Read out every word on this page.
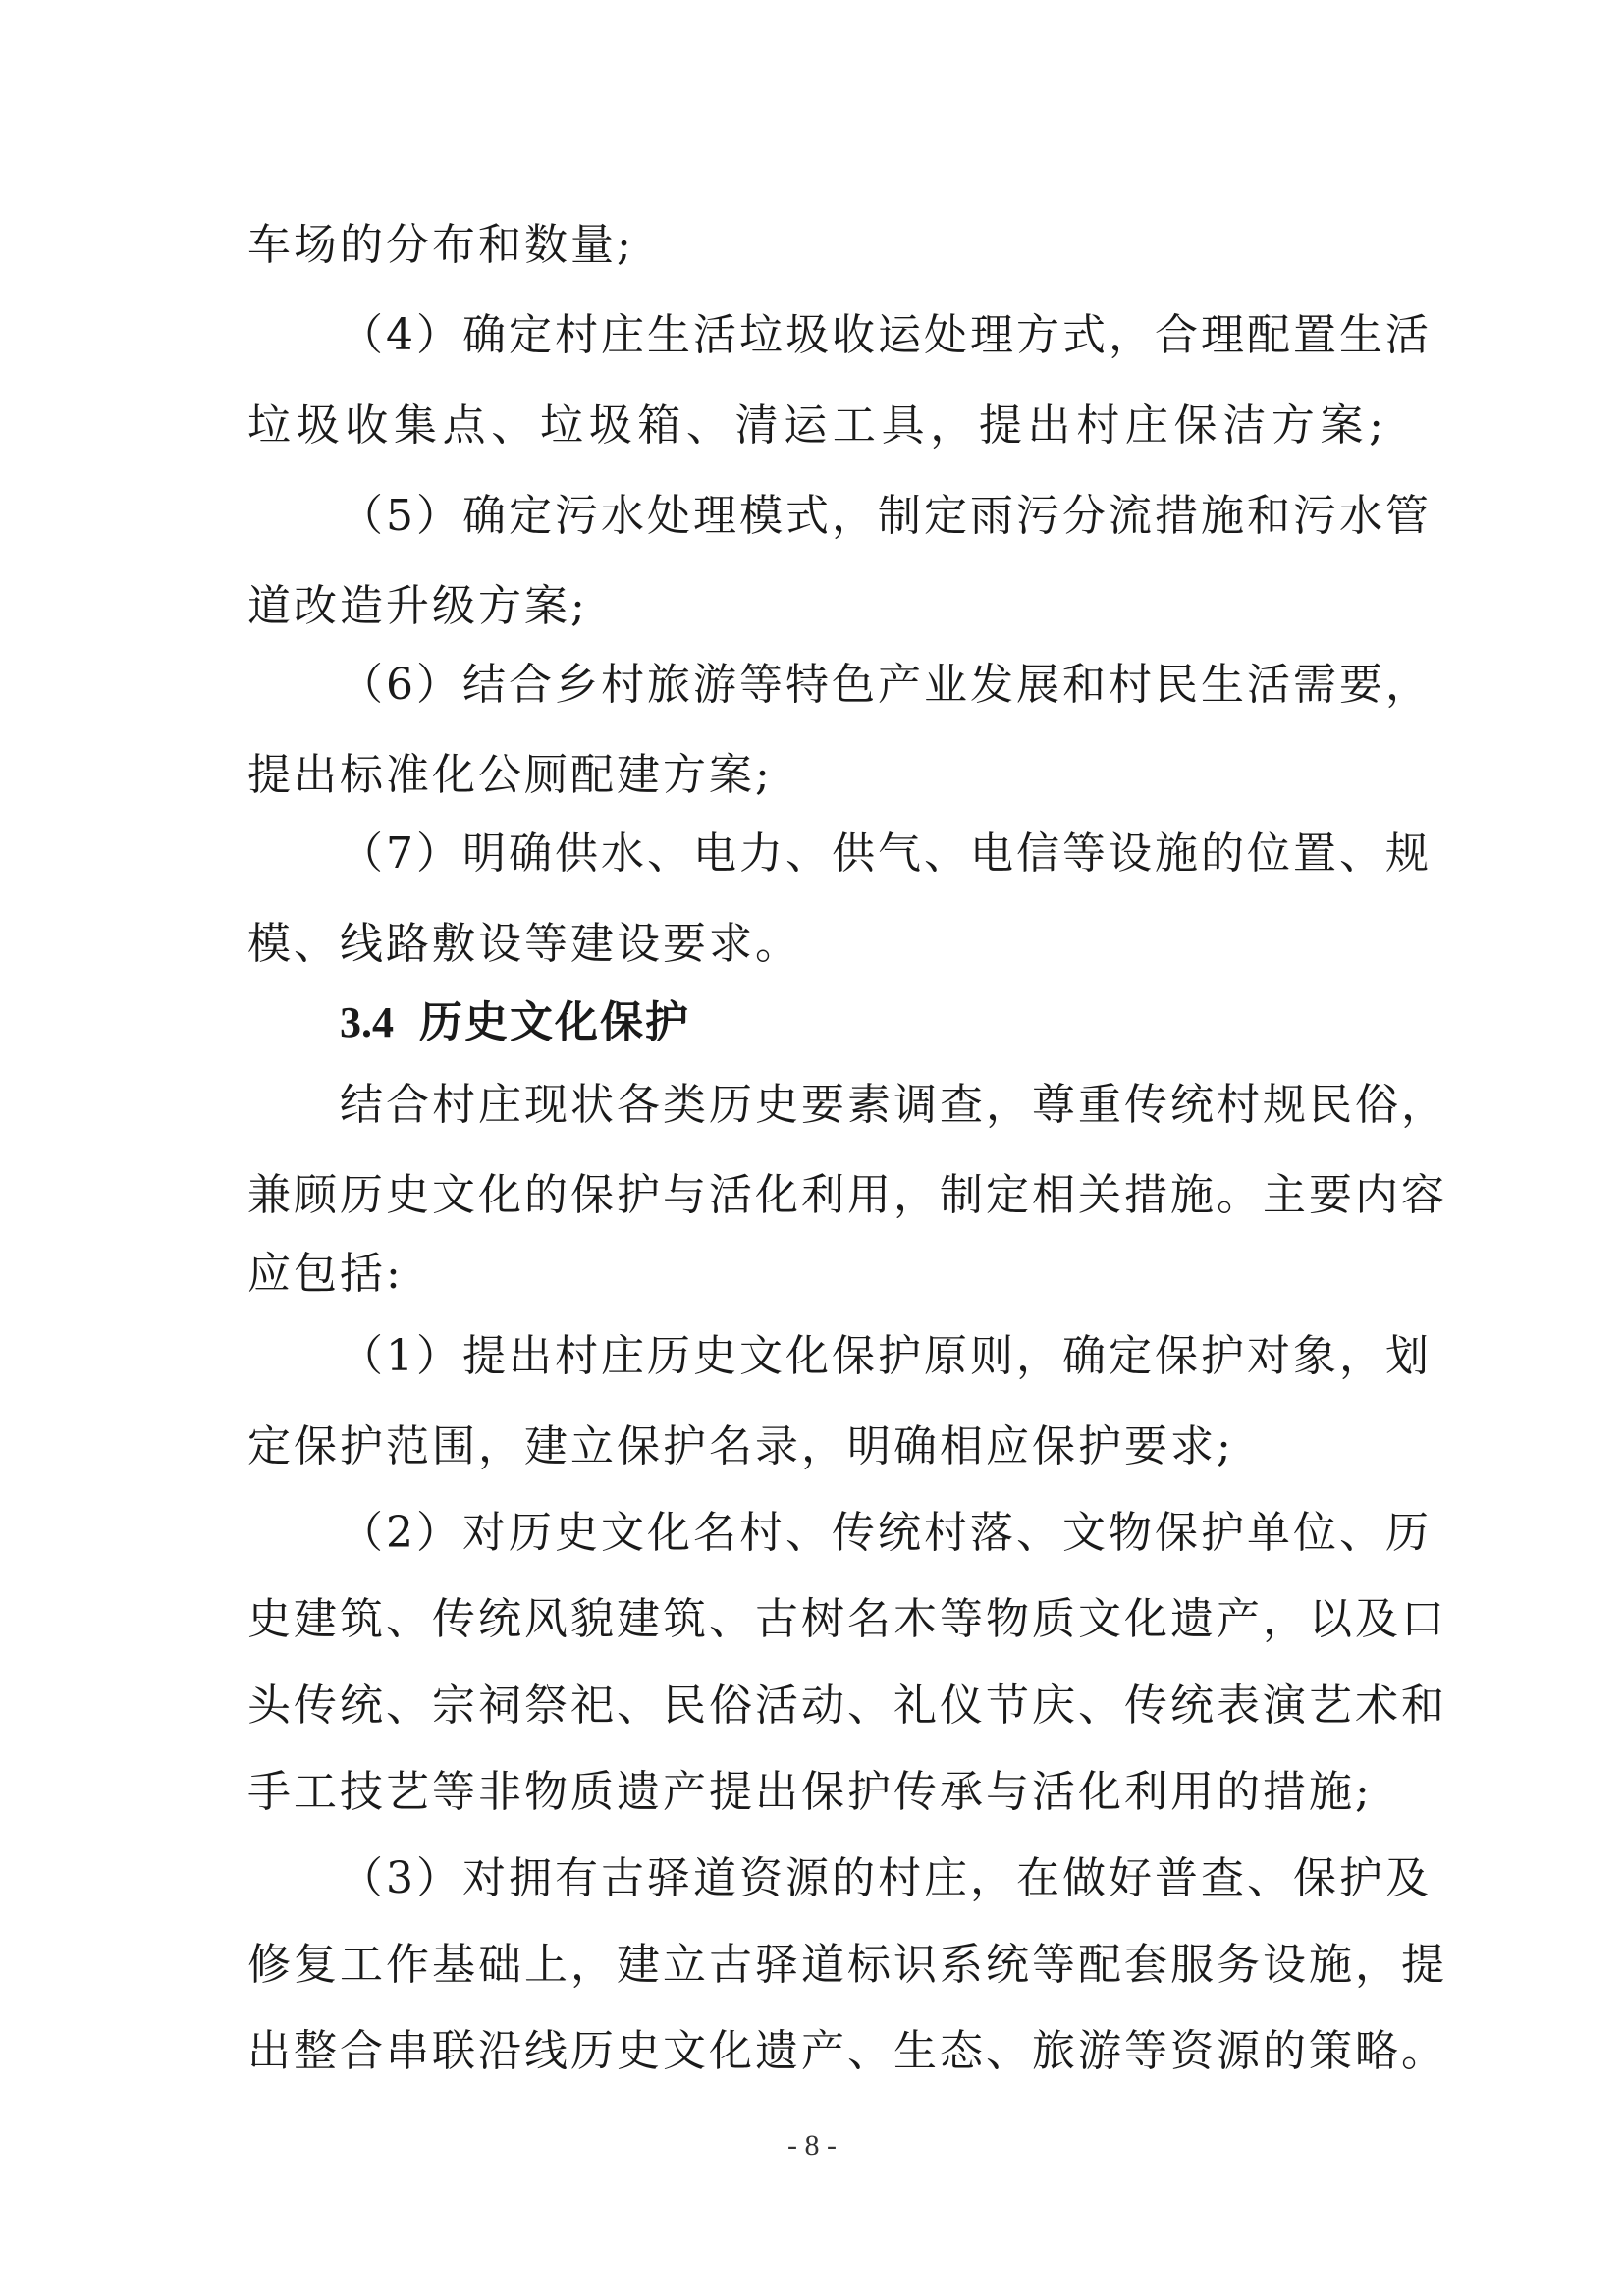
车场的分布和数量;
（4）确定村庄生活垃圾收运处理方式，合理配置生活
垃圾收集点、垃圾箱、清运工具，提出村庄保洁方案;
（5）确定污水处理模式，制定雨污分流措施和污水管
道改造升级方案;
（6）结合乡村旅游等特色产业发展和村民生活需要，
提出标准化公厕配建方案;
（7）明确供水、电力、供气、电信等设施的位置、规
模、线路敷设等建设要求。
3.4 历史文化保护
结合村庄现状各类历史要素调查，尊重传统村规民俗，
兼顾历史文化的保护与活化利用，制定相关措施。主要内容
应包括:
（1）提出村庄历史文化保护原则，确定保护对象，划
定保护范围，建立保护名录，明确相应保护要求;
（2）对历史文化名村、传统村落、文物保护单位、历
史建筑、传统风貌建筑、古树名木等物质文化遗产，以及口
头传统、宗祠祭祀、民俗活动、礼仪节庆、传统表演艺术和
手工技艺等非物质遗产提出保护传承与活化利用的措施;
（3）对拥有古驿道资源的村庄，在做好普查、保护及
修复工作基础上，建立古驿道标识系统等配套服务设施，提
出整合串联沿线历史文化遗产、生态、旅游等资源的策略。
- 8 -
